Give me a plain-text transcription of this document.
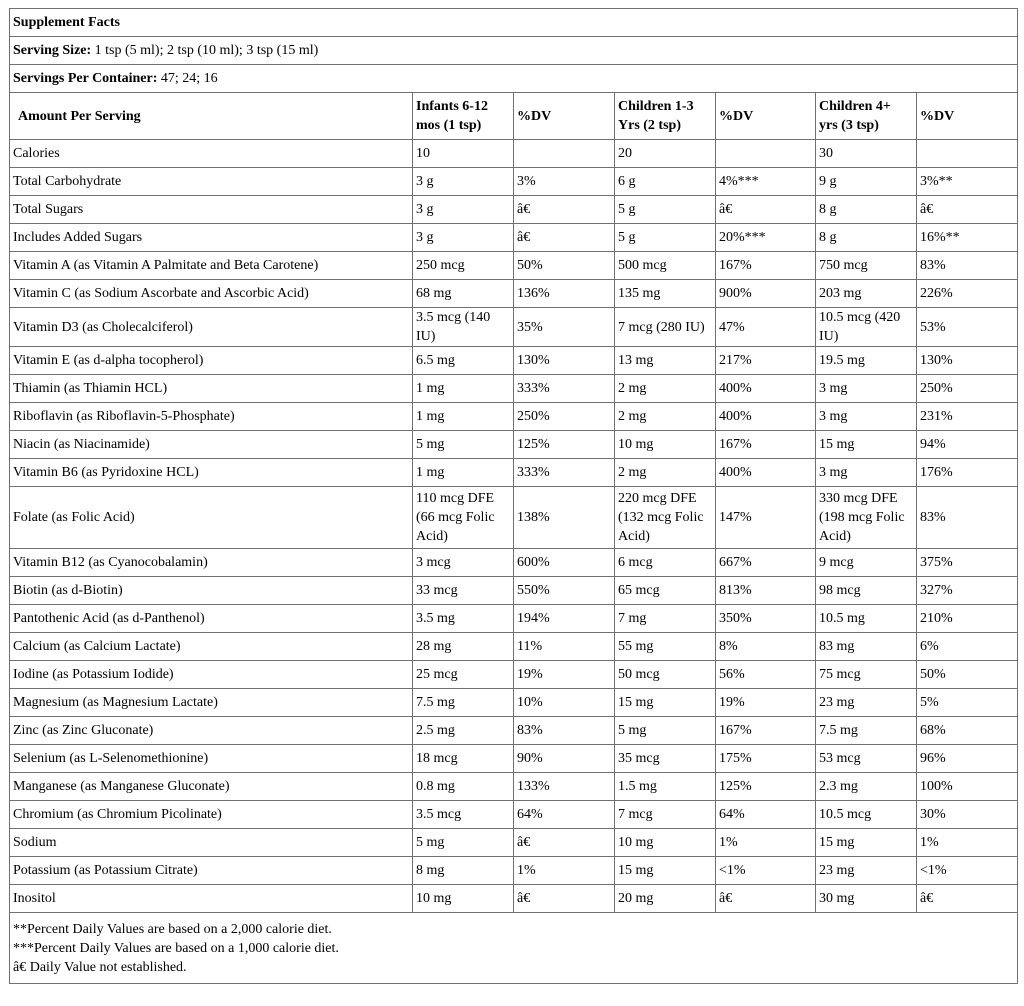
Supplement Facts						
Serving Size: 1 tsp (5 ml); 2 tsp (10 ml); 3 tsp (15 ml)						
Servings Per Container: 47; 24; 16						
Amount Per Serving	Infants 6-12 mos (1 tsp)	%DV	Children 1-3 Yrs (2 tsp)	%DV	Children 4+ yrs (3 tsp)	%DV
Calories	10		20		30	
Total Carbohydrate	3 g	3%	6 g	4%***	9 g	3%**
Total Sugars	3 g	â€	5 g	â€	8 g	â€
Includes Added Sugars	3 g	â€	5 g	20%***	8 g	16%**
Vitamin A (as Vitamin A Palmitate and Beta Carotene)	250 mcg	50%	500 mcg	167%	750 mcg	83%
Vitamin C (as Sodium Ascorbate and Ascorbic Acid)	68 mg	136%	135 mg	900%	203 mg	226%
Vitamin D3 (as Cholecalciferol)	3.5 mcg (140 IU)	35%	7 mcg (280 IU)	47%	10.5 mcg (420 IU)	53%
Vitamin E (as d-alpha tocopherol)	6.5 mg	130%	13 mg	217%	19.5 mg	130%
Thiamin (as Thiamin HCL)	1 mg	333%	2 mg	400%	3 mg	250%
Riboflavin (as Riboflavin-5-Phosphate)	1 mg	250%	2 mg	400%	3 mg	231%
Niacin (as Niacinamide)	5 mg	125%	10 mg	167%	15 mg	94%
Vitamin B6 (as Pyridoxine HCL)	1 mg	333%	2 mg	400%	3 mg	176%
Folate (as Folic Acid)	110 mcg DFE (66 mcg Folic Acid)	138%	220 mcg DFE (132 mcg Folic Acid)	147%	330 mcg DFE (198 mcg Folic Acid)	83%
Vitamin B12 (as Cyanocobalamin)	3 mcg	600%	6 mcg	667%	9 mcg	375%
Biotin (as d-Biotin)	33 mcg	550%	65 mcg	813%	98 mcg	327%
Pantothenic Acid (as d-Panthenol)	3.5 mg	194%	7 mg	350%	10.5 mg	210%
Calcium (as Calcium Lactate)	28 mg	11%	55 mg	8%	83 mg	6%
Iodine (as Potassium Iodide)	25 mcg	19%	50 mcg	56%	75 mcg	50%
Magnesium (as Magnesium Lactate)	7.5 mg	10%	15 mg	19%	23 mg	5%
Zinc (as Zinc Gluconate)	2.5 mg	83%	5 mg	167%	7.5 mg	68%
Selenium (as L-Selenomethionine)	18 mcg	90%	35 mcg	175%	53 mcg	96%
Manganese (as Manganese Gluconate)	0.8 mg	133%	1.5 mg	125%	2.3 mg	100%
Chromium (as Chromium Picolinate)	3.5 mcg	64%	7 mcg	64%	10.5 mcg	30%
Sodium	5 mg	â€	10 mg	1%	15 mg	1%
Potassium (as Potassium Citrate)	8 mg	1%	15 mg	<1%	23 mg	<1%
Inositol	10 mg	â€	20 mg	â€	30 mg	â€

**Percent Daily Values are based on a 2,000 calorie diet.
***Percent Daily Values are based on a 1,000 calorie diet.
â€ Daily Value not established.						
